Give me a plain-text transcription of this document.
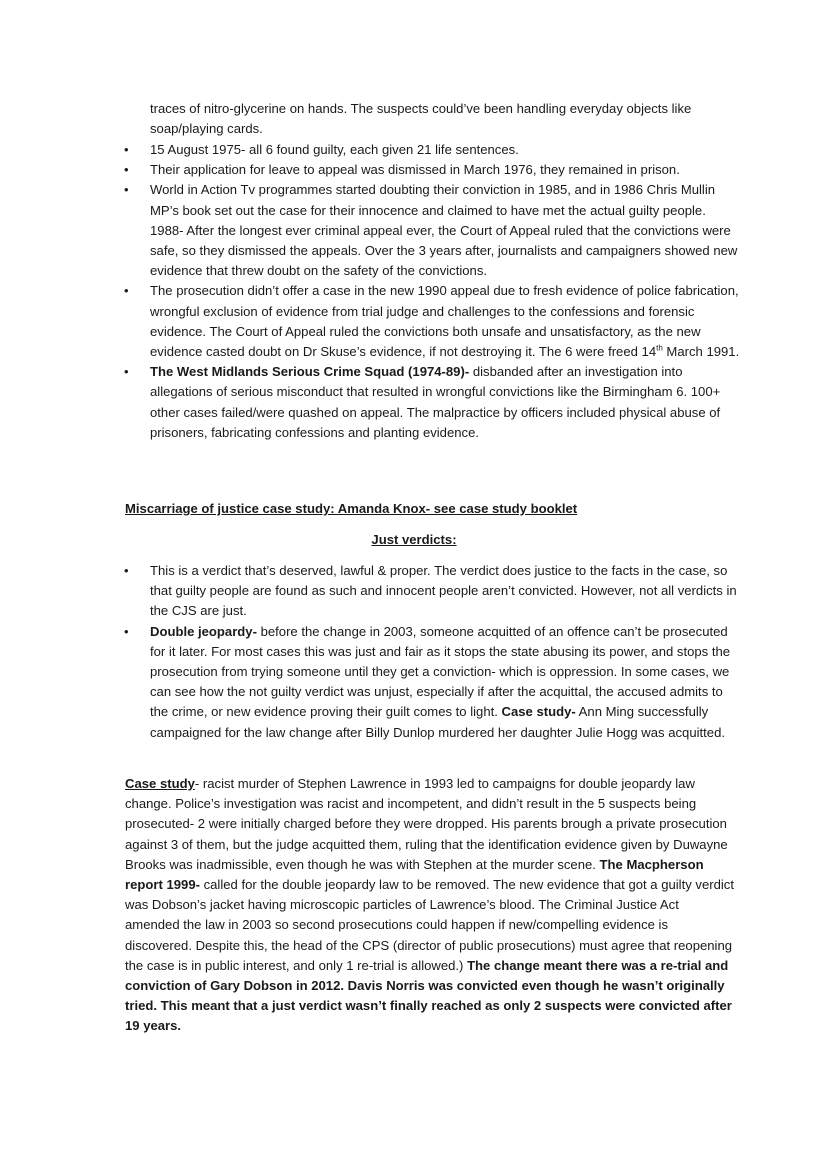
traces of nitro-glycerine on hands. The suspects could’ve been handling everyday objects like soap/playing cards.

• 15 August 1975- all 6 found guilty, each given 21 life sentences.
• Their application for leave to appeal was dismissed in March 1976, they remained in prison.
• World in Action Tv programmes started doubting their conviction in 1985, and in 1986 Chris Mullin MP’s book set out the case for their innocence and claimed to have met the actual guilty people. 1988- After the longest ever criminal appeal ever, the Court of Appeal ruled that the convictions were safe, so they dismissed the appeals. Over the 3 years after, journalists and campaigners showed new evidence that threw doubt on the safety of the convictions.
• The prosecution didn’t offer a case in the new 1990 appeal due to fresh evidence of police fabrication, wrongful exclusion of evidence from trial judge and challenges to the confessions and forensic evidence. The Court of Appeal ruled the convictions both unsafe and unsatisfactory, as the new evidence casted doubt on Dr Skuse’s evidence, if not destroying it. The 6 were freed 14th March 1991.
• The West Midlands Serious Crime Squad (1974-89)- disbanded after an investigation into allegations of serious misconduct that resulted in wrongful convictions like the Birmingham 6. 100+ other cases failed/were quashed on appeal. The malpractice by officers included physical abuse of prisoners, fabricating confessions and planting evidence.

Miscarriage of justice case study: Amanda Knox- see case study booklet

Just verdicts:

• This is a verdict that’s deserved, lawful & proper. The verdict does justice to the facts in the case, so that guilty people are found as such and innocent people aren’t convicted. However, not all verdicts in the CJS are just.
• Double jeopardy- before the change in 2003, someone acquitted of an offence can’t be prosecuted for it later. For most cases this was just and fair as it stops the state abusing its power, and stops the prosecution from trying someone until they get a conviction- which is oppression. In some cases, we can see how the not guilty verdict was unjust, especially if after the acquittal, the accused admits to the crime, or new evidence proving their guilt comes to light. Case study- Ann Ming successfully campaigned for the law change after Billy Dunlop murdered her daughter Julie Hogg was acquitted.

Case study- racist murder of Stephen Lawrence in 1993 led to campaigns for double jeopardy law change. Police’s investigation was racist and incompetent, and didn’t result in the 5 suspects being prosecuted- 2 were initially charged before they were dropped. His parents brough a private prosecution against 3 of them, but the judge acquitted them, ruling that the identification evidence given by Duwayne Brooks was inadmissible, even though he was with Stephen at the murder scene. The Macpherson report 1999- called for the double jeopardy law to be removed. The new evidence that got a guilty verdict was Dobson’s jacket having microscopic particles of Lawrence’s blood. The Criminal Justice Act amended the law in 2003 so second prosecutions could happen if new/compelling evidence is discovered. Despite this, the head of the CPS (director of public prosecutions) must agree that reopening the case is in public interest, and only 1 re-trial is allowed.) The change meant there was a re-trial and conviction of Gary Dobson in 2012. Davis Norris was convicted even though he wasn’t originally tried. This meant that a just verdict wasn’t finally reached as only 2 suspects were convicted after 19 years.
